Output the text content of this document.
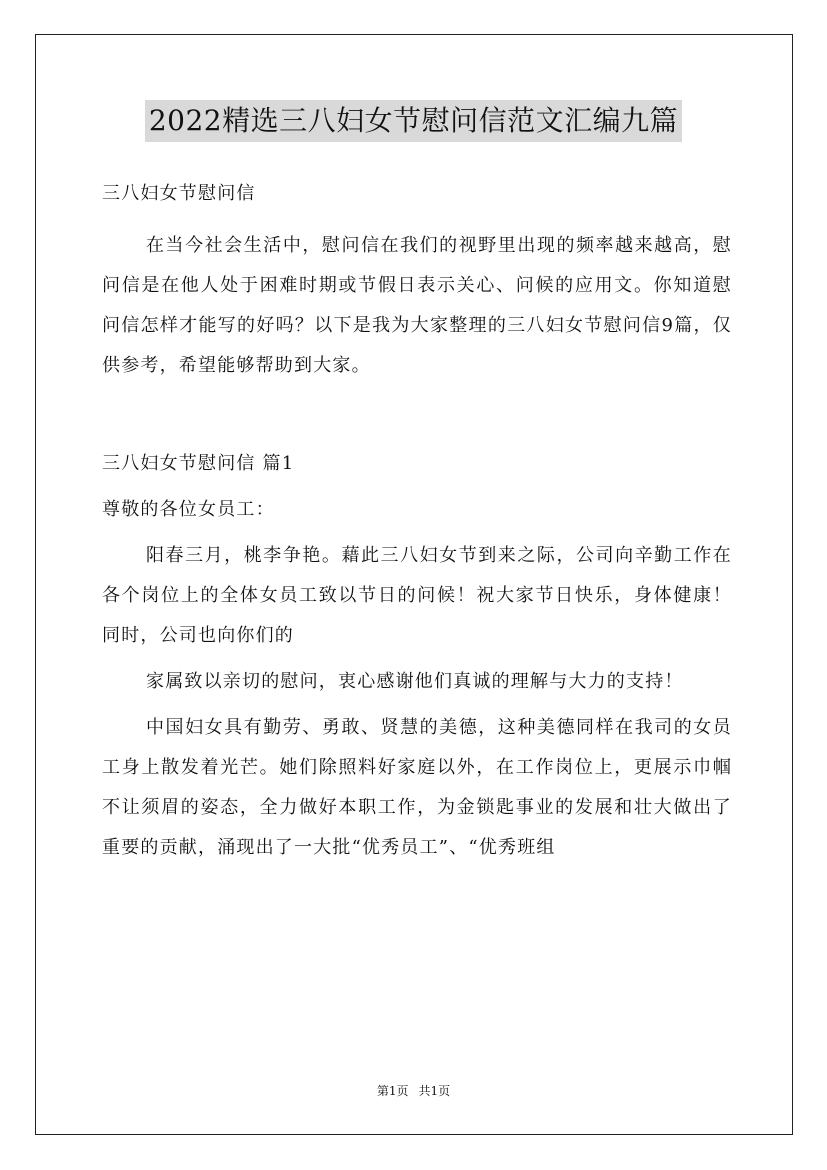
2022精选三八妇女节慰问信范文汇编九篇

三八妇女节慰问信

在当今社会生活中，慰问信在我们的视野里出现的频率越来越高，慰问信是在他人处于困难时期或节假日表示关心、问候的应用文。你知道慰问信怎样才能写的好吗？以下是我为大家整理的三八妇女节慰问信9篇，仅供参考，希望能够帮助到大家。

三八妇女节慰问信 篇1

尊敬的各位女员工：

阳春三月，桃李争艳。藉此三八妇女节到来之际，公司向辛勤工作在各个岗位上的全体女员工致以节日的问候！祝大家节日快乐，身体健康！同时，公司也向你们的

家属致以亲切的慰问，衷心感谢他们真诚的理解与大力的支持！

中国妇女具有勤劳、勇敢、贤慧的美德，这种美德同样在我司的女员工身上散发着光芒。她们除照料好家庭以外，在工作岗位上，更展示巾帼不让须眉的姿态，全力做好本职工作，为金锁匙事业的发展和壮大做出了重要的贡献，涌现出了一大批“优秀员工”、“优秀班组

第1页 共1页
